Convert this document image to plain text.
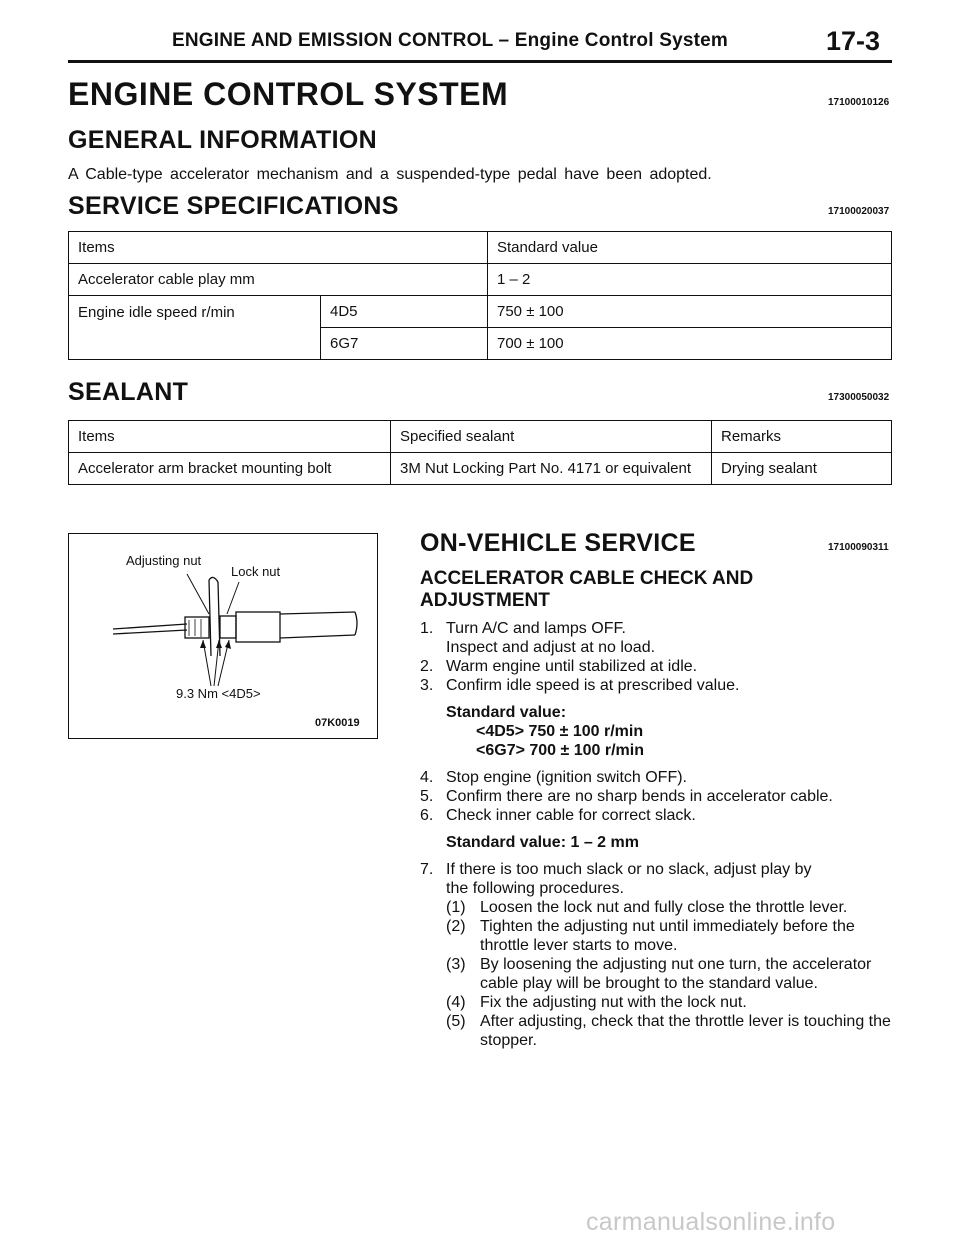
ENGINE AND EMISSION CONTROL – Engine Control System	17-3
ENGINE CONTROL SYSTEM	17100010126
GENERAL INFORMATION
A Cable-type accelerator mechanism and a suspended-type pedal have been adopted.
SERVICE SPECIFICATIONS	17100020037
Items		Standard value
Accelerator cable play mm		1 – 2
Engine idle speed r/min	4D5	750 ± 100
	6G7	700 ± 100
SEALANT	17300050032
Items	Specified sealant	Remarks
Accelerator arm bracket mounting bolt	3M Nut Locking Part No. 4171 or equivalent	Drying sealant
Adjusting nut
Lock nut
9.3 Nm <4D5>
07K0019
ON-VEHICLE SERVICE	17100090311
ACCELERATOR CABLE CHECK AND
ADJUSTMENT
1. Turn A/C and lamps OFF.
Inspect and adjust at no load.
2. Warm engine until stabilized at idle.
3. Confirm idle speed is at prescribed value.
Standard value:
<4D5> 750 ± 100 r/min
<6G7> 700 ± 100 r/min
4. Stop engine (ignition switch OFF).
5. Confirm there are no sharp bends in accelerator cable.
6. Check inner cable for correct slack.
Standard value: 1 – 2 mm
7. If there is too much slack or no slack, adjust play by
the following procedures.
(1) Loosen the lock nut and fully close the throttle lever.
(2) Tighten the adjusting nut until immediately before the throttle lever starts to move.
(3) By loosening the adjusting nut one turn, the accelerator cable play will be brought to the standard value.
(4) Fix the adjusting nut with the lock nut.
(5) After adjusting, check that the throttle lever is touching the stopper.
carmanualsonline.info
